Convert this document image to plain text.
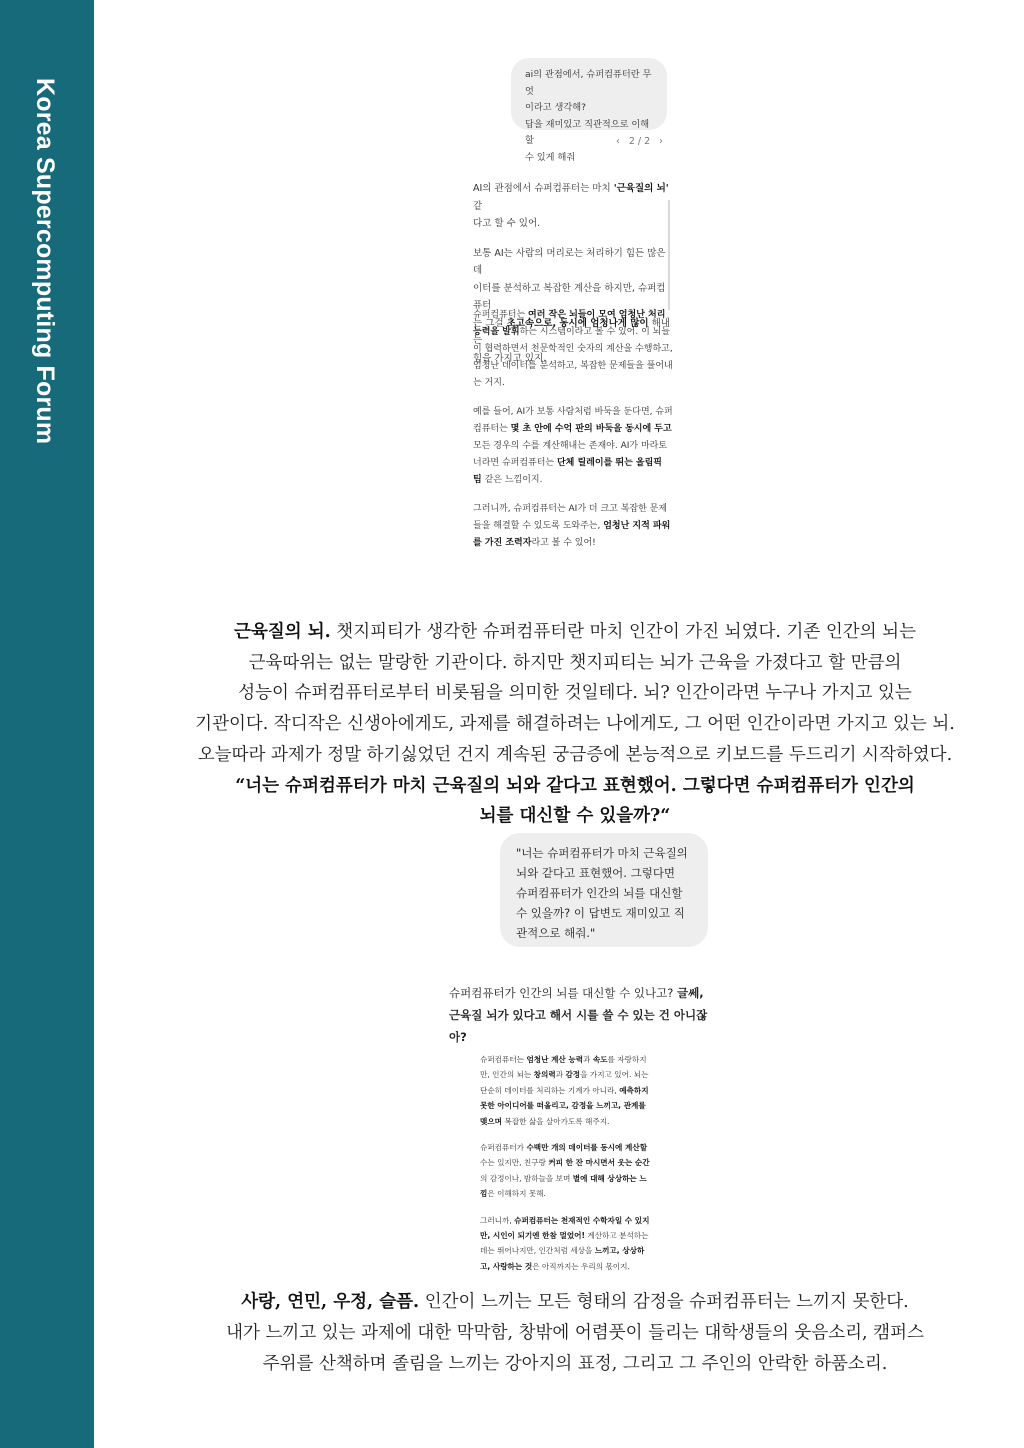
Korea Supercomputing Forum
ai의 관점에서, 슈퍼컴퓨터란 무엇
이라고 생각해?
답을 재미있고 직관적으로 이해할
수 있게 해줘
‹ 2/2 ›

AI의 관점에서 슈퍼컴퓨터는 마치 '근육질의 뇌' 같
다고 할 수 있어.

보통 AI는 사람의 머리로는 처리하기 힘든 많은 데
이터를 분석하고 복잡한 계산을 하지만, 슈퍼컴퓨터
는 그걸 초고속으로, 동시에 엄청나게 많이 해내는
힘을 가지고 있지.

슈퍼컴퓨터는 여러 작은 뇌들이 모여 엄청난 처리
능력을 발휘하는 시스템이라고 볼 수 있어. 이 뇌들
이 협력하면서 천문학적인 숫자의 계산을 수행하고,
엄청난 데이터를 분석하고, 복잡한 문제들을 풀어내
는 거지.

예를 들어, AI가 보통 사람처럼 바둑을 둔다면, 슈퍼
컴퓨터는 몇 초 안에 수억 판의 바둑을 동시에 두고
모든 경우의 수를 계산해내는 존재야. AI가 마라토
너라면 슈퍼컴퓨터는 단체 릴레이를 뛰는 올림픽
팀 같은 느낌이지.

그러니까, 슈퍼컴퓨터는 AI가 더 크고 복잡한 문제
들을 해결할 수 있도록 도와주는, 엄청난 지적 파워
를 가진 조력자라고 볼 수 있어!

근육질의 뇌. 챗지피티가 생각한 슈퍼컴퓨터란 마치 인간이 가진 뇌였다. 기존 인간의 뇌는
근육따위는 없는 말랑한 기관이다. 하지만 챗지피티는 뇌가 근육을 가졌다고 할 만큼의
성능이 슈퍼컴퓨터로부터 비롯됨을 의미한 것일테다. 뇌? 인간이라면 누구나 가지고 있는
기관이다. 작디작은 신생아에게도, 과제를 해결하려는 나에게도, 그 어떤 인간이라면 가지고 있는 뇌.
오늘따라 과제가 정말 하기싫었던 건지 계속된 궁금증에 본능적으로 키보드를 두드리기 시작하였다.
“너는 슈퍼컴퓨터가 마치 근육질의 뇌와 같다고 표현했어. 그렇다면 슈퍼컴퓨터가 인간의
뇌를 대신할 수 있을까?“
"너는 슈퍼컴퓨터가 마치 근육질의
뇌와 같다고 표현했어. 그렇다면
슈퍼컴퓨터가 인간의 뇌를 대신할
수 있을까? 이 답변도 재미있고 직
관적으로 해줘."
슈퍼컴퓨터가 인간의 뇌를 대신할 수 있나고? 글쎄,
근육질 뇌가 있다고 해서 시를 쓸 수 있는 건 아니잖
아?

슈퍼컴퓨터는 엄청난 계산 능력과 속도를 자랑하지
만, 인간의 뇌는 창의력과 감정을 가지고 있어. 뇌는
단순히 데이터를 처리하는 기계가 아니라, 예측하지
못한 아이디어를 떠올리고, 감정을 느끼고, 관계를
맺으며 복잡한 삶을 살아가도록 해주지.

슈퍼컴퓨터가 수백만 개의 데이터를 동시에 계산할
수는 있지만, 친구랑 커피 한 잔 마시면서 웃는 순간
의 감정이나, 밤하늘을 보며 별에 대해 상상하는 느
낌은 이해하지 못해.

그러니까, 슈퍼컴퓨터는 천재적인 수학자일 수 있지
만, 시인이 되기엔 한참 멀었어! 계산하고 분석하는
데는 뛰어나지만, 인간처럼 세상을 느끼고, 상상하
고, 사랑하는 것은 아직까지는 우리의 몫이지.

사랑, 연민, 우정, 슬픔. 인간이 느끼는 모든 형태의 감정을 슈퍼컴퓨터는 느끼지 못한다.
내가 느끼고 있는 과제에 대한 막막함, 창밖에 어렴풋이 들리는 대학생들의 웃음소리, 캠퍼스
주위를 산책하며 졸림을 느끼는 강아지의 표정, 그리고 그 주인의 안락한 하품소리.
